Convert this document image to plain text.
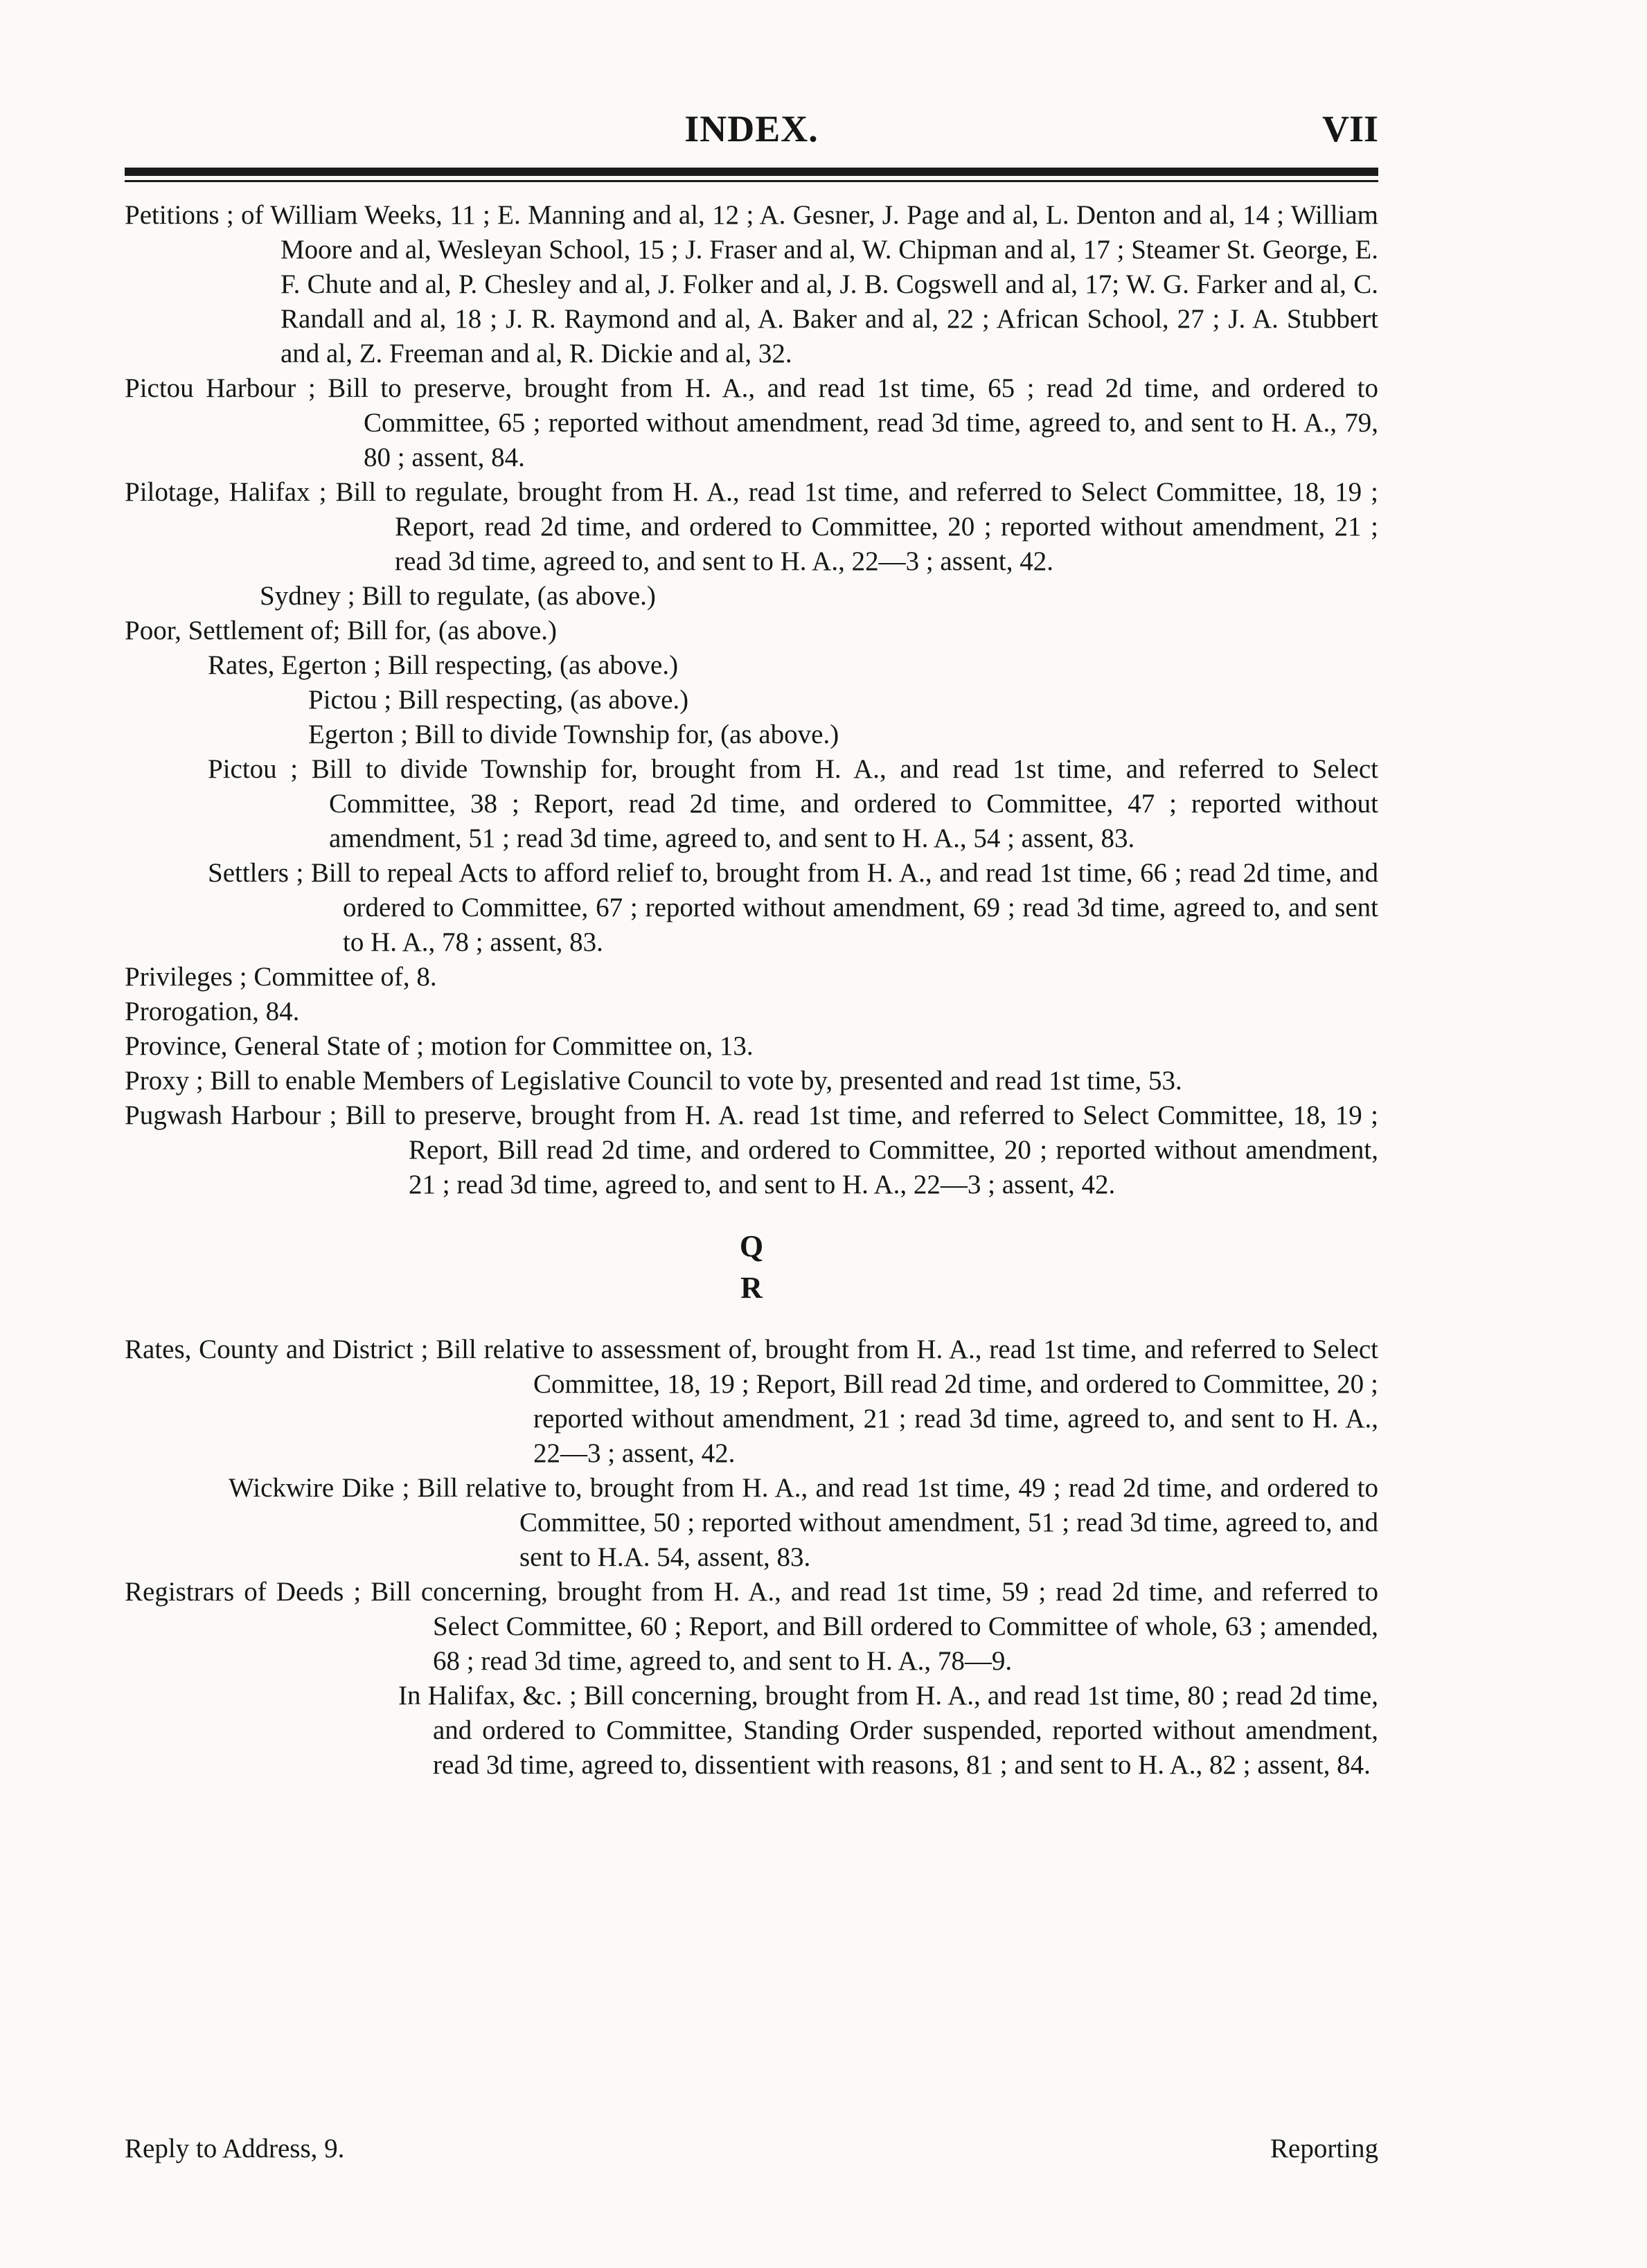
INDEX.	VII
Petitions ; of William Weeks, 11 ; E. Manning and al, 12 ; A. Gesner, J. Page and al, L. Denton and al, 14 ; William Moore and al, Wesleyan School, 15 ; J. Fraser and al, W. Chipman and al, 17 ; Steamer St. George, E. F. Chute and al, P. Chesley and al, J. Folker and al, J. B. Cogswell and al, 17; W. G. Farker and al, C. Randall and al, 18 ; J. R. Raymond and al, A. Baker and al, 22 ; African School, 27 ; J. A. Stubbert and al, Z. Freeman and al, R. Dickie and al, 32.
Pictou Harbour ; Bill to preserve, brought from H. A., and read 1st time, 65 ; read 2d time, and ordered to Committee, 65 ; reported without amendment, read 3d time, agreed to, and sent to H. A., 79, 80 ; assent, 84.
Pilotage, Halifax ; Bill to regulate, brought from H. A., read 1st time, and referred to Select Committee, 18, 19 ; Report, read 2d time, and ordered to Committee, 20 ; reported without amendment, 21 ; read 3d time, agreed to, and sent to H. A., 22—3 ; assent, 42.
Sydney ; Bill to regulate, (as above.)
Poor, Settlement of; Bill for, (as above.)
Rates, Egerton ; Bill respecting, (as above.)
Pictou ; Bill respecting, (as above.)
Egerton ; Bill to divide Township for, (as above.)
Pictou ; Bill to divide Township for, brought from H. A., and read 1st time, and referred to Select Committee, 38 ; Report, read 2d time, and ordered to Committee, 47 ; reported without amendment, 51 ; read 3d time, agreed to, and sent to H. A., 54 ; assent, 83.
Settlers ; Bill to repeal Acts to afford relief to, brought from H. A., and read 1st time, 66 ; read 2d time, and ordered to Committee, 67 ; reported without amendment, 69 ; read 3d time, agreed to, and sent to H. A., 78 ; assent, 83.
Privileges ; Committee of, 8.
Prorogation, 84.
Province, General State of ; motion for Committee on, 13.
Proxy ; Bill to enable Members of Legislative Council to vote by, presented and read 1st time, 53.
Pugwash Harbour ; Bill to preserve, brought from H. A. read 1st time, and referred to Select Committee, 18, 19 ; Report, Bill read 2d time, and ordered to Committee, 20 ; reported without amendment, 21 ; read 3d time, agreed to, and sent to H. A., 22—3 ; assent, 42.
Q
R
Rates, County and District ; Bill relative to assessment of, brought from H. A., read 1st time, and referred to Select Committee, 18, 19 ; Report, Bill read 2d time, and ordered to Committee, 20 ; reported without amendment, 21 ; read 3d time, agreed to, and sent to H. A., 22—3 ; assent, 42.
Wickwire Dike ; Bill relative to, brought from H. A., and read 1st time, 49 ; read 2d time, and ordered to Committee, 50 ; reported without amendment, 51 ; read 3d time, agreed to, and sent to H.A. 54, assent, 83.
Registrars of Deeds ; Bill concerning, brought from H. A., and read 1st time, 59 ; read 2d time, and referred to Select Committee, 60 ; Report, and Bill ordered to Committee of whole, 63 ; amended, 68 ; read 3d time, agreed to, and sent to H. A., 78—9.
In Halifax, &c. ; Bill concerning, brought from H. A., and read 1st time, 80 ; read 2d time, and ordered to Committee, Standing Order suspended, reported without amendment, read 3d time, agreed to, dissentient with reasons, 81 ; and sent to H. A., 82 ; assent, 84.
Reply to Address, 9.	Reporting
